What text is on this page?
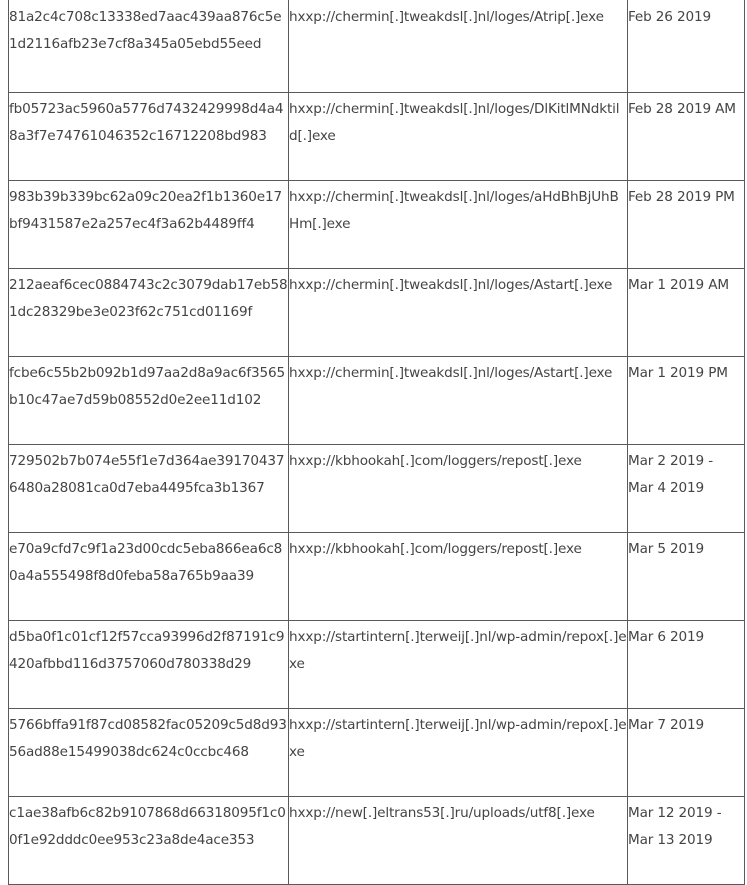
81a2c4c708c13338ed7aac439aa876c5e1d2116afb23e7cf8a345a05ebd55eed	hxxp://chermin[.]tweakdsl[.]nl/loges/Atrip[.]exe	Feb 26 2019
fb05723ac5960a5776d7432429998d4a48a3f7e74761046352c16712208bd983	hxxp://chermin[.]tweakdsl[.]nl/loges/DlKitlMNdktild[.]exe	Feb 28 2019 AM
983b39b339bc62a09c20ea2f1b1360e17bf9431587e2a257ec4f3a62b4489ff4	hxxp://chermin[.]tweakdsl[.]nl/loges/aHdBhBjUhBHm[.]exe	Feb 28 2019 PM
212aeaf6cec0884743c2c3079dab17eb581dc28329be3e023f62c751cd01169f	hxxp://chermin[.]tweakdsl[.]nl/loges/Astart[.]exe	Mar 1 2019 AM
fcbe6c55b2b092b1d97aa2d8a9ac6f3565b10c47ae7d59b08552d0e2ee11d102	hxxp://chermin[.]tweakdsl[.]nl/loges/Astart[.]exe	Mar 1 2019 PM
729502b7b074e55f1e7d364ae391704376480a28081ca0d7eba4495fca3b1367	hxxp://kbhookah[.]com/loggers/repost[.]exe	Mar 2 2019 -
Mar 4 2019

e70a9cfd7c9f1a23d00cdc5eba866ea6c80a4a555498f8d0feba58a765b9aa39	hxxp://kbhookah[.]com/loggers/repost[.]exe	Mar 5 2019
d5ba0f1c01cf12f57cca93996d2f87191c9420afbbd116d3757060d780338d29	hxxp://startintern[.]terweij[.]nl/wp-admin/repox[.]exe	Mar 6 2019
5766bffa91f87cd08582fac05209c5d8d9356ad88e15499038dc624c0ccbc468	hxxp://startintern[.]terweij[.]nl/wp-admin/repox[.]exe	Mar 7 2019
c1ae38afb6c82b9107868d66318095f1c00f1e92dddc0ee953c23a8de4ace353	hxxp://new[.]eltrans53[.]ru/uploads/utf8[.]exe	Mar 12 2019 -
Mar 13 2019
